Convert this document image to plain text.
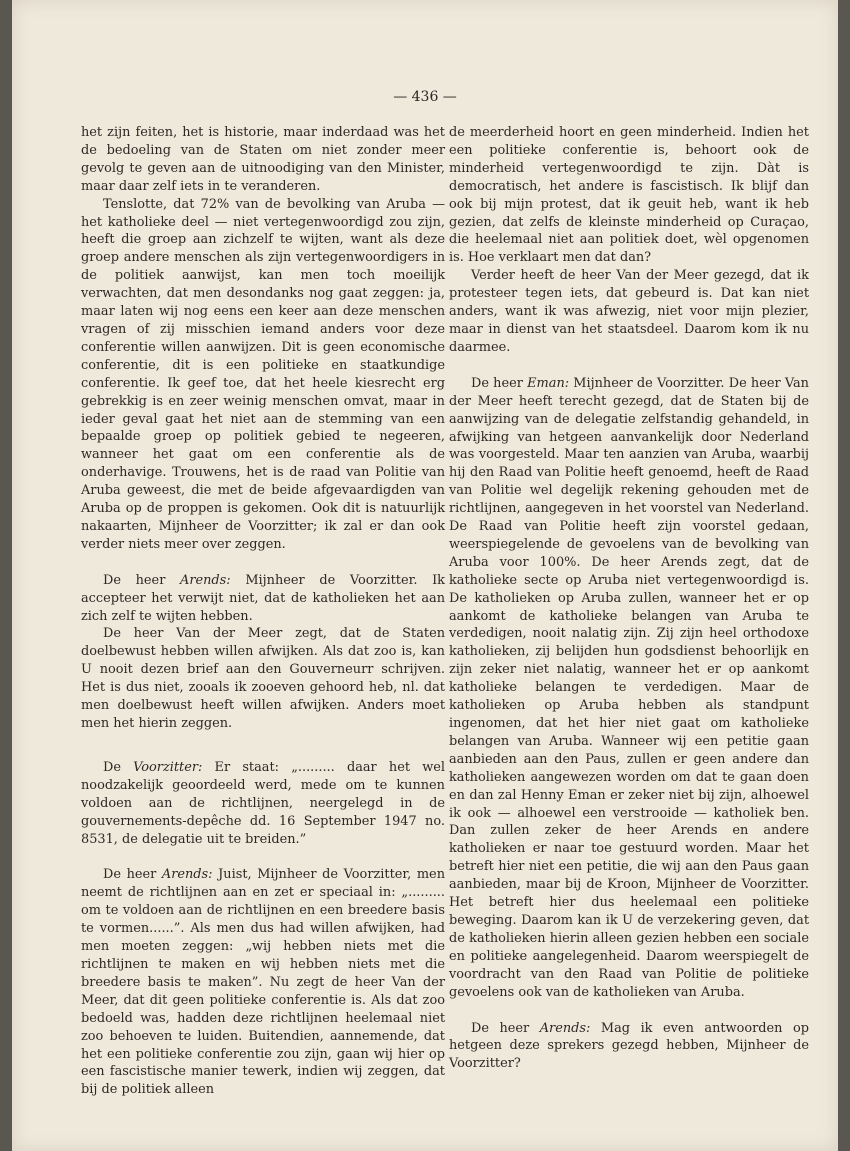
— 436 —

het zijn feiten, het is historie, maar inderdaad was het de bedoeling van de Staten om niet zonder meer gevolg te geven aan de uitnoodiging van den Minister, maar daar zelf iets in te veranderen.

Tenslotte, dat 72% van de bevolking van Aruba — het katholieke deel — niet vertegenwoordigd zou zijn, heeft die groep aan zichzelf te wijten, want als deze groep andere menschen als zijn vertegenwoordigers in de politiek aanwijst, kan men toch moeilijk verwachten, dat men desondanks nog gaat zeggen: ja, maar laten wij nog eens een keer aan deze menschen vragen of zij misschien iemand anders voor deze conferentie willen aanwijzen. Dit is geen economische conferentie, dit is een politieke en staatkundige conferentie. Ik geef toe, dat het heele kiesrecht erg gebrekkig is en zeer weinig menschen omvat, maar in ieder geval gaat het niet aan de stemming van een bepaalde groep op politiek gebied te negeeren, wanneer het gaat om een conferentie als de onderhavige. Trouwens, het is de raad van Politie van Aruba geweest, die met de beide afgevaardigden van Aruba op de proppen is gekomen. Ook dit is natuurlijk nakaarten, Mijnheer de Voorzitter; ik zal er dan ook verder niets meer over zeggen.

De heer Arends: Mijnheer de Voorzitter. Ik accepteer het verwijt niet, dat de katholieken het aan zich zelf te wijten hebben.

De heer Van der Meer zegt, dat de Staten doelbewust hebben willen afwijken. Als dat zoo is, kan U nooit dezen brief aan den Gouverneurr schrijven. Het is dus niet, zooals ik zooeven gehoord heb, nl. dat men doelbewust heeft willen afwijken. Anders moet men het hierin zeggen.

De Voorzitter: Er staat: „......... daar het wel noodzakelijk geoordeeld werd, mede om te kunnen voldoen aan de richtlijnen, neergelegd in de gouvernements-depêche dd. 16 September 1947 no. 8531, de delegatie uit te breiden.”

De heer Arends: Juist, Mijnheer de Voorzitter, men neemt de richtlijnen aan en zet er speciaal in: „......... om te voldoen aan de richtlijnen en een breedere basis te vormen......”. Als men dus had willen afwijken, had men moeten zeggen: „wij hebben niets met die richtlijnen te maken en wij hebben niets met die breedere basis te maken”. Nu zegt de heer Van der Meer, dat dit geen politieke conferentie is. Als dat zoo bedoeld was, hadden deze richtlijnen heelemaal niet zoo behoeven te luiden. Buitendien, aannemende, dat het een politieke conferentie zou zijn, gaan wij hier op een fascistische manier tewerk, indien wij zeggen, dat bij de politiek alleen

de meerderheid hoort en geen minderheid. Indien het een politieke conferentie is, behoort ook de minderheid vertegenwoordigd te zijn. Dàt is democratisch, het andere is fascistisch. Ik blijf dan ook bij mijn protest, dat ik geuit heb, want ik heb gezien, dat zelfs de kleinste minderheid op Curaçao, die heelemaal niet aan politiek doet, wèl opgenomen is. Hoe verklaart men dat dan?

Verder heeft de heer Van der Meer gezegd, dat ik protesteer tegen iets, dat gebeurd is. Dat kan niet anders, want ik was afwezig, niet voor mijn plezier, maar in dienst van het staatsdeel. Daarom kom ik nu daarmee.

De heer Eman: Mijnheer de Voorzitter. De heer Van der Meer heeft terecht gezegd, dat de Staten bij de aanwijzing van de delegatie zelfstandig gehandeld, in afwijking van hetgeen aanvankelijk door Nederland was voorgesteld. Maar ten aanzien van Aruba, waarbij hij den Raad van Politie heeft genoemd, heeft de Raad van Politie wel degelijk rekening gehouden met de richtlijnen, aangegeven in het voorstel van Nederland. De Raad van Politie heeft zijn voorstel gedaan, weerspiegelende de gevoelens van de bevolking van Aruba voor 100%. De heer Arends zegt, dat de katholieke secte op Aruba niet vertegenwoordigd is. De katholieken op Aruba zullen, wanneer het er op aankomt de katholieke belangen van Aruba te verdedigen, nooit nalatig zijn. Zij zijn heel orthodoxe katholieken, zij belijden hun godsdienst behoorlijk en zijn zeker niet nalatig, wanneer het er op aankomt katholieke belangen te verdedigen. Maar de katholieken op Aruba hebben als standpunt ingenomen, dat het hier niet gaat om katholieke belangen van Aruba. Wanneer wij een petitie gaan aanbieden aan den Paus, zullen er geen andere dan katholieken aangewezen worden om dat te gaan doen en dan zal Henny Eman er zeker niet bij zijn, alhoewel ik ook — alhoewel een verstrooide — katholiek ben. Dan zullen zeker de heer Arends en andere katholieken er naar toe gestuurd worden. Maar het betreft hier niet een petitie, die wij aan den Paus gaan aanbieden, maar bij de Kroon, Mijnheer de Voorzitter. Het betreft hier dus heelemaal een politieke beweging. Daarom kan ik U de verzekering geven, dat de katholieken hierin alleen gezien hebben een sociale en politieke aangelegenheid. Daarom weerspiegelt de voordracht van den Raad van Politie de politieke gevoelens ook van de katholieken van Aruba.

De heer Arends: Mag ik even antwoorden op hetgeen deze sprekers gezegd hebben, Mijnheer de Voorzitter?
